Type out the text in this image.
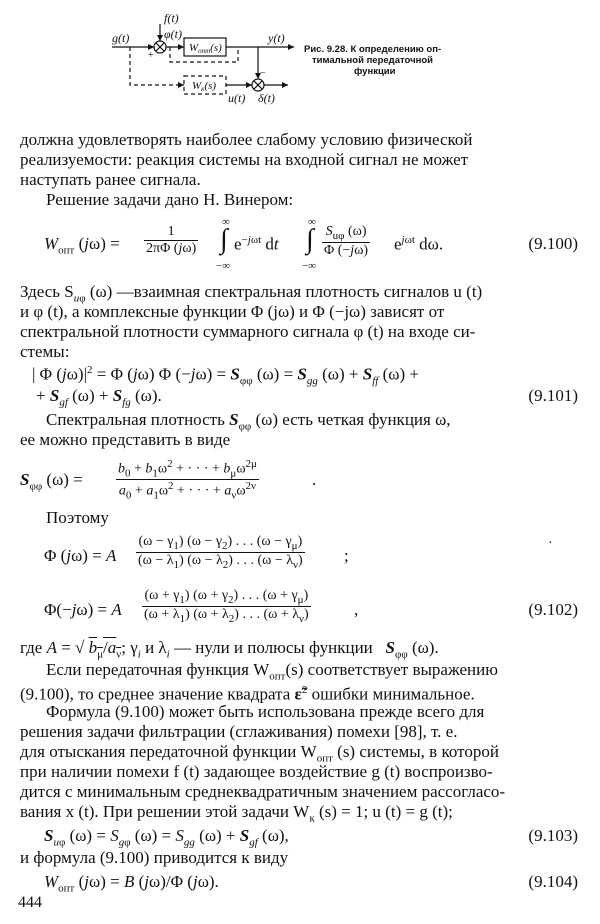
f(t)
φ(t)
g(t)	y(t)
Wопт(s)
Wк(s)
u(t) δ(t)
+
−
Рис. 9.28. К определению оп-
тимальной передаточной
функции
должна удовлетворять наиболее слабому условию физической
реализуемости: реакция системы на входной сигнал не может
наступать ранее сигнала.
Решение задачи дано Н. Винером:
$W_{опт}$ $(j\omega) = \frac{1}{2\pi\Phi (j\omega)}$
∞
∫
−∞
$e^{-j\omega t}$ dt
∞
∫
−∞
$S_{u\varphi}$ (ω)
Φ (−jω) $e^{j\omega t}$ dω.	(9.100)
Здесь $S_{u\varphi}$ (ω) —взаимная спектральная плотность сигналов u (t)
и φ (t), а комплексные функции Φ (jω) и Φ (−jω) зависят от
спектральной плотности суммарного сигнала φ (t) на входе си-
стемы:
| Φ $(j\omega)|^2 = \Phi$ (jω) Φ $(-j\omega) = S_{\varphi\varphi}$ $(\omega) = S_{gg}$ $(\omega) + S_{ff}$ (ω) +
+ $S_{gf}$ $(\omega) + S_{fg}$ (ω).	(9.101)
Спектральная плотность $S_{\varphi\varphi}$ (ω) есть четкая функция ω,
ее можно представить в виде
$S_{\varphi\varphi}$ (ω) =
$b_0 + b_1\omega^2$ + · · · + $b_\mu\omega^{2\mu}$
$a_0 + a_1\omega^2$ + · · · + $a_\nu\omega^{2\nu}$	.
Поэтому
Φ (jω) = A $\frac{(\omega - \gamma_1) (\omega - \gamma_2) . . . (\omega - \gamma_\mu)}{(\omega - \lambda_1) (\omega - \lambda_2) . . . (\omega - \lambda_\nu)}$ ;
·
Φ(−jω) = A $\frac{(\omega + \gamma_1) (\omega + \gamma_2) . . . (\omega + \gamma_\mu)}{(\omega + \lambda_1) (\omega + \lambda_2) . . . (\omega + \lambda_\nu)}$	,	(9.102)
где A = √ $b_\mu/a_\nu$; $\gamma_i$ и $\lambda_i$ — нули и полюсы функции   $S_{\varphi\varphi}$ (ω).
Если передаточная функция $W_{опт}(s)$ соответствует выражению
(9.100), то среднее значение квадрата ε̃$^2$ ошибки минимальное.
Формула (9.100) может быть использована прежде всего для
решения задачи фильтрации (сглаживания) помехи [98], т. е.
для отыскания передаточной функции $W_{опт}$ (s) системы, в которой
при наличии помехи f (t) задающее воздействие g (t) воспроизво-
дится с минимальным среднеквадратичным значением рассогласо-
вания x (t). При решении этой задачи $W_к$ (s) = 1; u (t) = g (t);
$S_{u\varphi}$ $(\omega) = S_{g\varphi}$ $(\omega) = S_{gg}$ $(\omega) + S_{gf}$ (ω),	(9.103)
и формула (9.100) приводится к виду
$W_{опт}$ (jω) = B (jω)/Φ (jω).	(9.104)
444
